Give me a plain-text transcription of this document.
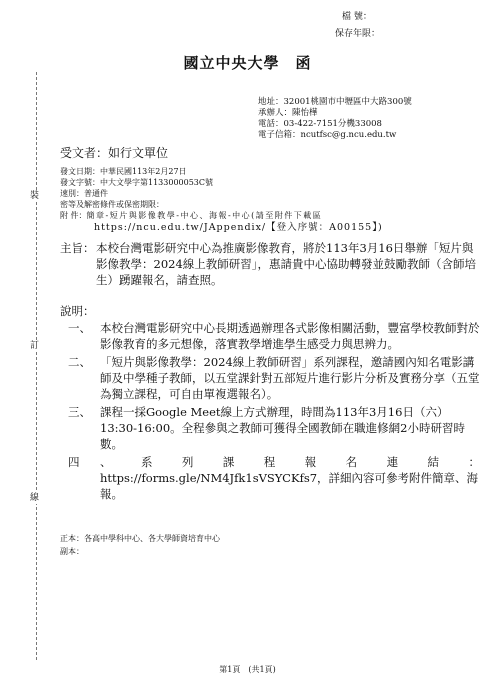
裝
訂
線
檔 號：
保存年限：
國立中央大學　函
地址：32001桃園市中壢區中大路300號
承辦人：陳怡樺
電話：03-422-7151分機33008
電子信箱：ncutfsc@g.ncu.edu.tw
受文者：如行文單位
發文日期：中華民國113年2月27日
發文字號：中大文學字第1133000053C號
速別：普通件
密等及解密條件或保密期限：
附 件： 簡章-短片與影像教學-中心、海報-中心(請至附件下載區
https://ncu.edu.tw/JAppendix/【登入序號：A00155】)
主旨： 本校台灣電影研究中心為推廣影像教育，將於113年3月16日舉辦「短片與影像教學：2024線上教師研習」，惠請貴中心協助轉發並鼓勵教師（含師培生）踴躍報名，請查照。
說明：
一、 本校台灣電影研究中心長期透過辦理各式影像相關活動，豐富學校教師對於影像教育的多元想像，落實教學增進學生感受力與思辨力。
二、 「短片與影像教學：2024線上教師研習」系列課程，邀請國內知名電影講師及中學種子教師，以五堂課針對五部短片進行影片分析及實務分享（五堂為獨立課程，可自由單複選報名）。
三、 課程一採Google Meet線上方式辦理，時間為113年3月16日（六）13:30-16:00。全程參與之教師可獲得全國教師在職進修網2小時研習時數。
四	、	系	列	課	程	報	名	連	結	：
https://forms.gle/NM4Jfk1sVSYCKfs7，詳細內容可參考附件簡章、海報。
正本：各高中學科中心、各大學師資培育中心
副本：
第1頁　(共1頁)
